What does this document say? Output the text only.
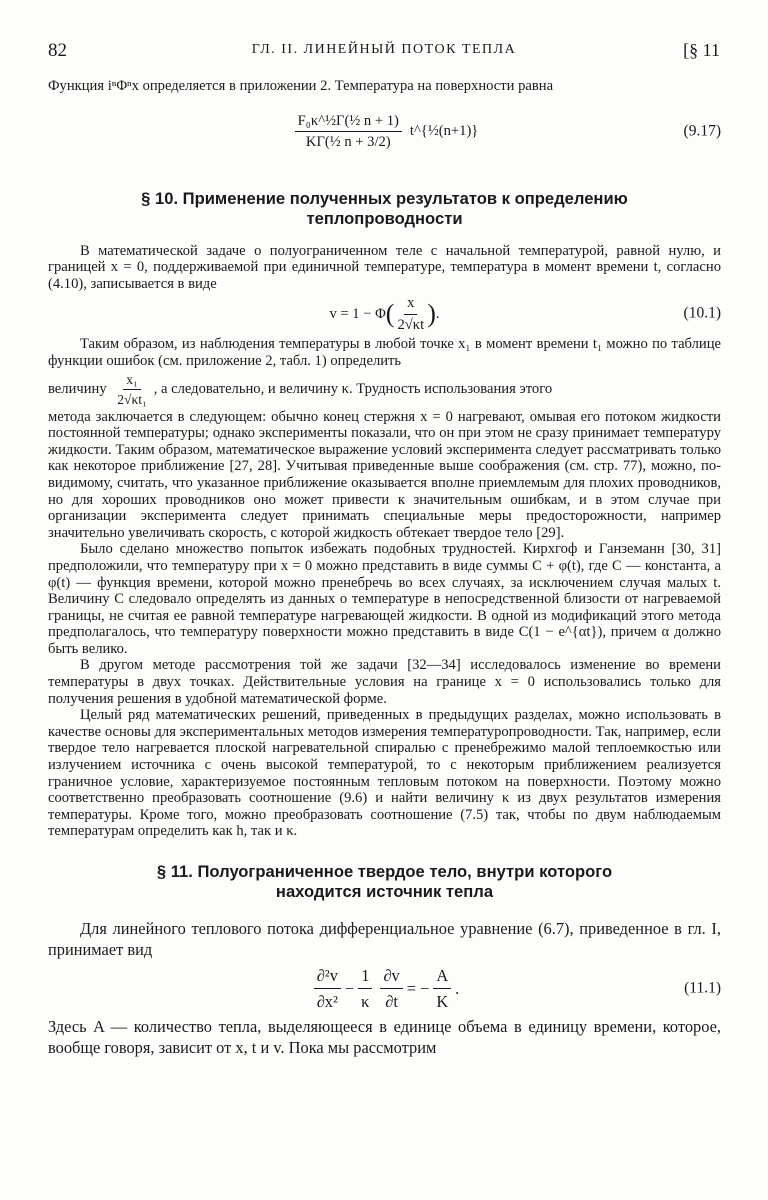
82	ГЛ. II. ЛИНЕЙНЫЙ ПОТОК ТЕПЛА	[§ 11

Функция iⁿΦⁿx определяется в приложении 2. Температура на поверхности равна

$\frac{\text{F₀κ\textasciicircum{}½Γ(½ n + 1)}}{\text{KΓ(½ n + 3/2)}}$ t^{½(n+1)}	(9.17)
§ 10. Применение полученных результатов к определению
теплопроводности

В математической задаче о полуограниченном теле с начальной температурой, равной нулю, и границей x = 0, поддерживаемой при единичной температуре, температура в момент времени t, согласно (4.10), записывается в виде

v = 1 − Φ ( $\frac{x}{2√\kappa t}$ ) .	(10.1)

Таким образом, из наблюдения температуры в любой точке x₁ в момент времени t₁ можно по таблице функции ошибок (см. приложение 2, табл. 1) определить

величину $\frac{\text{x₁}}{\text{2√κt₁}}$ , а следовательно, и величину κ. Трудность использования этого

метода заключается в следующем: обычно конец стержня x = 0 нагревают, омывая его потоком жидкости постоянной температуры; однако эксперименты показали, что он при этом не сразу принимает температуру жидкости. Таким образом, математическое выражение условий эксперимента следует рассматривать только как некоторое приближение [27, 28]. Учитывая приведенные выше соображения (см. стр. 77), можно, по-видимому, считать, что указанное приближение оказывается вполне приемлемым для плохих проводников, но для хороших проводников оно может привести к значительным ошибкам, и в этом случае при организации эксперимента следует принимать специальные меры предосторожности, например значительно увеличивать скорость, с которой жидкость обтекает твердое тело [29].

Было сделано множество попыток избежать подобных трудностей. Кирхгоф и Ганземанн [30, 31] предположили, что температуру при x = 0 можно представить в виде суммы C + φ(t), где C — константа, а φ(t) — функция времени, которой можно пренебречь во всех случаях, за исключением случая малых t. Величину C следовало определять из данных о температуре в непосредственной близости от нагреваемой границы, не считая ее равной температуре нагревающей жидкости. В одной из модификаций этого метода предполагалось, что температуру поверхности можно представить в виде C(1 − e^{αt}), причем α должно быть велико.

В другом методе рассмотрения той же задачи [32—34] исследовалось изменение во времени температуры в двух точках. Действительные условия на границе x = 0 использовались только для получения решения в удобной математической форме.

Целый ряд математических решений, приведенных в предыдущих разделах, можно использовать в качестве основы для экспериментальных методов измерения температуропроводности. Так, например, если твердое тело нагревается плоской нагревательной спиралью с пренебрежимо малой теплоемкостью или излучением источника с очень высокой температурой, то с некоторым приближением реализуется граничное условие, характеризуемое постоянным тепловым потоком на поверхности. Поэтому можно соответственно преобразовать соотношение (9.6) и найти величину κ из двух результатов измерения температуры. Кроме того, можно преобразовать соотношение (7.5) так, чтобы по двум наблюдаемым температурам определить как h, так и κ.

§ 11. Полуограниченное твердое тело, внутри которого
находится источник тепла

Для линейного теплового потока дифференциальное уравнение (6.7), приведенное в гл. I, принимает вид

$\frac{\text{∂²v}}{\text{∂x²}} - \frac{1}{\kappa} \frac{\partial v}{\partial t}$ = − $\frac{A}{K}$ .	(11.1)

Здесь A — количество тепла, выделяющееся в единице объема в единицу времени, которое, вообще говоря, зависит от x, t и v. Пока мы рассмотрим
